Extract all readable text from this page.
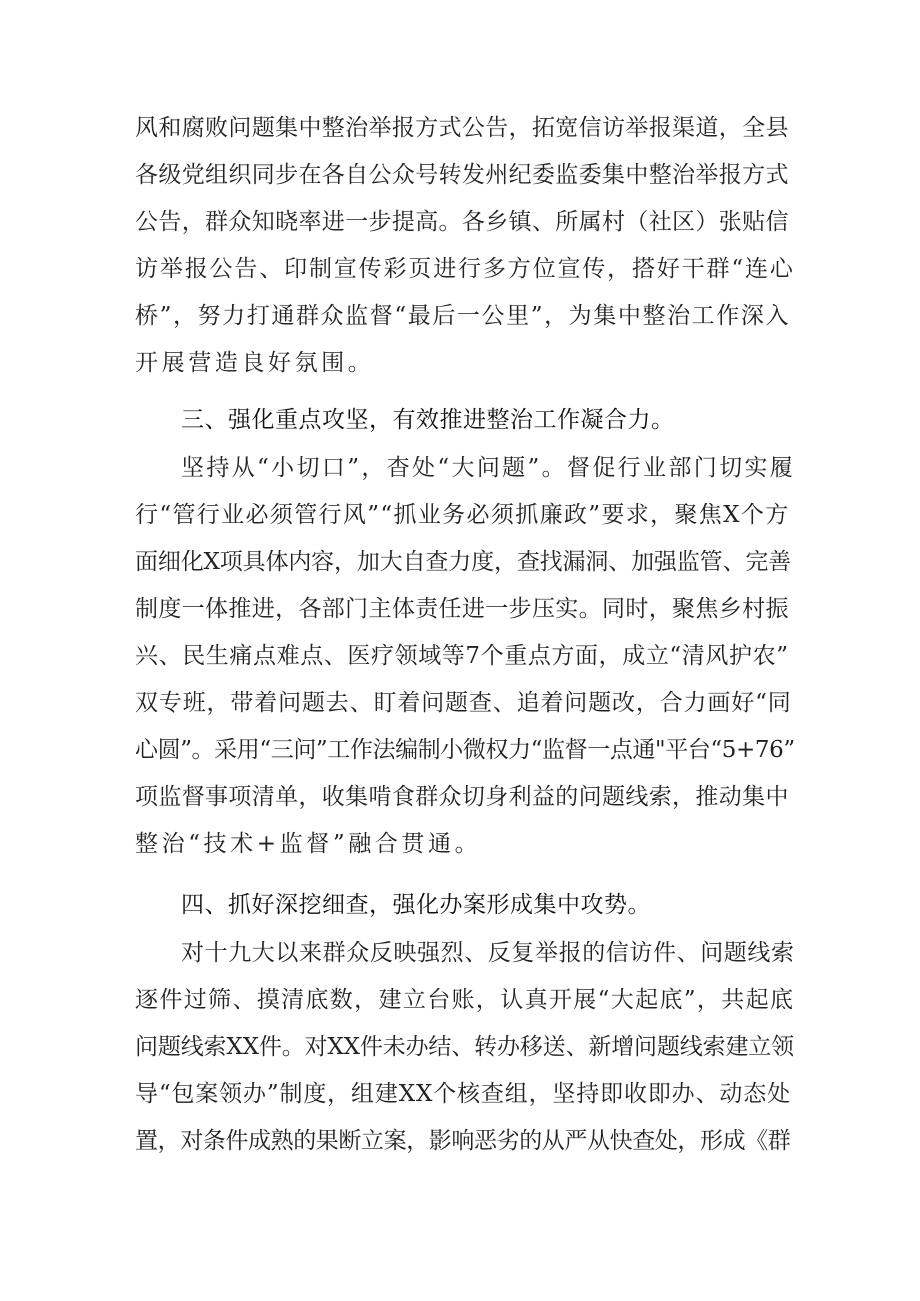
风和腐败问题集中整治举报方式公告，拓宽信访举报渠道，全县
各级党组织同步在各自公众号转发州纪委监委集中整治举报方式
公告，群众知晓率进一步提高。各乡镇、所属村（社区）张贴信
访举报公告、印制宣传彩页进行多方位宣传，搭好干群“连心
桥”，努力打通群众监督“最后一公里”，为集中整治工作深入
开展营造良好氛围。
三、强化重点攻坚，有效推进整治工作凝合力。
坚持从“小切口”，杳处“大问题”。督促行业部门切实履
行“管行业必须管行风”“抓业务必须抓廉政”要求，聚焦X个方
面细化X项具体内容，加大自查力度，查找漏洞、加强监管、完善
制度一体推进，各部门主体责任进一步压实。同时，聚焦乡村振
兴、民生痛点难点、医疗领域等7个重点方面，成立“清风护农”
双专班，带着问题去、盯着问题查、追着问题改，合力画好“同
心圆”。采用“三问”工作法编制小微权力“监督一点通"平台“5+76”
项监督事项清单，收集啃食群众切身利益的问题线索，推动集中
整治“技术+监督”融合贯通。
四、抓好深挖细查，强化办案形成集中攻势。
对十九大以来群众反映强烈、反复举报的信访件、问题线索
逐件过筛、摸清底数，建立台账，认真开展“大起底”，共起底
问题线索XX件。对XX件未办结、转办移送、新增问题线索建立领
导“包案领办”制度，组建XX个核查组，坚持即收即办、动态处
置，对条件成熟的果断立案，影响恶劣的从严从快查处，形成《群
